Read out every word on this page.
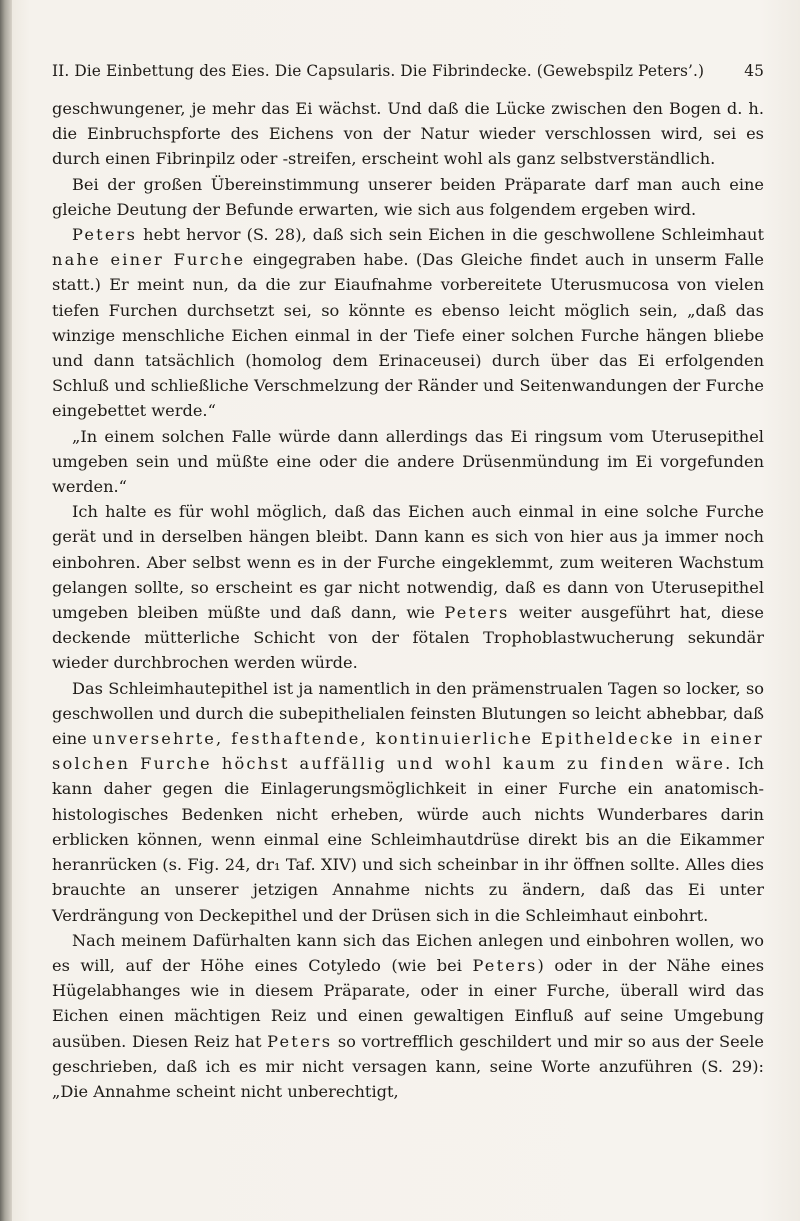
II. Die Einbettung des Eies. Die Capsularis. Die Fibrindecke. (Gewebspilz Peters’.)	45

geschwungener, je mehr das Ei wächst. Und daß die Lücke zwischen den Bogen d. h. die Einbruchspforte des Eichens von der Natur wieder verschlossen wird, sei es durch einen Fibrinpilz oder -streifen, erscheint wohl als ganz selbstverständlich.

Bei der großen Übereinstimmung unserer beiden Präparate darf man auch eine gleiche Deutung der Befunde erwarten, wie sich aus folgendem ergeben wird.

Peters hebt hervor (S. 28), daß sich sein Eichen in die geschwollene Schleimhaut nahe einer Furche eingegraben habe. (Das Gleiche findet auch in unserm Falle statt.) Er meint nun, da die zur Eiaufnahme vorbereitete Uterusmucosa von vielen tiefen Furchen durchsetzt sei, so könnte es ebenso leicht möglich sein, „daß das winzige menschliche Eichen einmal in der Tiefe einer solchen Furche hängen bliebe und dann tatsächlich (homolog dem Erinaceusei) durch über das Ei erfolgenden Schluß und schließliche Verschmelzung der Ränder und Seitenwandungen der Furche eingebettet werde.“

„In einem solchen Falle würde dann allerdings das Ei ringsum vom Uterusepithel umgeben sein und müßte eine oder die andere Drüsenmündung im Ei vorgefunden werden.“

Ich halte es für wohl möglich, daß das Eichen auch einmal in eine solche Furche gerät und in derselben hängen bleibt. Dann kann es sich von hier aus ja immer noch einbohren. Aber selbst wenn es in der Furche eingeklemmt, zum weiteren Wachstum gelangen sollte, so erscheint es gar nicht notwendig, daß es dann von Uterusepithel umgeben bleiben müßte und daß dann, wie Peters weiter ausgeführt hat, diese deckende mütterliche Schicht von der fötalen Trophoblastwucherung sekundär wieder durchbrochen werden würde.

Das Schleimhautepithel ist ja namentlich in den prämenstrualen Tagen so locker, so geschwollen und durch die subepithelialen feinsten Blutungen so leicht abhebbar, daß eine unversehrte, festhaftende, kontinuierliche Epitheldecke in einer solchen Furche höchst auffällig und wohl kaum zu finden wäre. Ich kann daher gegen die Einlagerungsmöglichkeit in einer Furche ein anatomisch-histologisches Bedenken nicht erheben, würde auch nichts Wunderbares darin erblicken können, wenn einmal eine Schleimhautdrüse direkt bis an die Eikammer heranrücken (s. Fig. 24, dr₁ Taf. XIV) und sich scheinbar in ihr öffnen sollte. Alles dies brauchte an unserer jetzigen Annahme nichts zu ändern, daß das Ei unter Verdrängung von Deckepithel und der Drüsen sich in die Schleimhaut einbohrt.

Nach meinem Dafürhalten kann sich das Eichen anlegen und einbohren wollen, wo es will, auf der Höhe eines Cotyledo (wie bei Peters) oder in der Nähe eines Hügelabhanges wie in diesem Präparate, oder in einer Furche, überall wird das Eichen einen mächtigen Reiz und einen gewaltigen Einfluß auf seine Umgebung ausüben. Diesen Reiz hat Peters so vortrefflich geschildert und mir so aus der Seele geschrieben, daß ich es mir nicht versagen kann, seine Worte anzuführen (S. 29): „Die Annahme scheint nicht unberechtigt,
